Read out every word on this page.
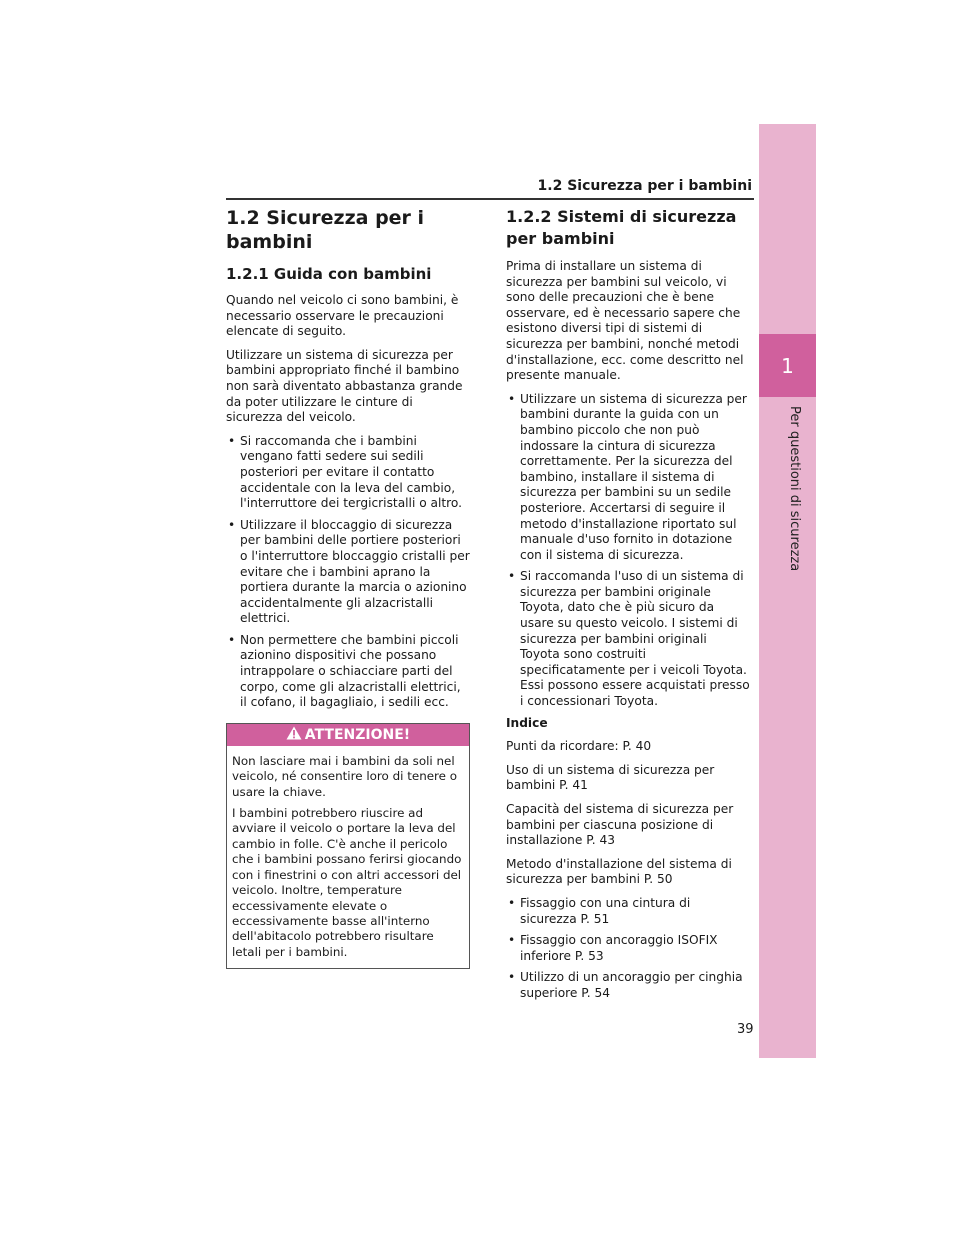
1
Per questioni di sicurezza
1.2 Sicurezza per i bambini
1.2 Sicurezza per i bambini
1.2.1 Guida con bambini

Quando nel veicolo ci sono bambini, è necessario osservare le precauzioni elencate di seguito.

Utilizzare un sistema di sicurezza per bambini appropriato finché il bambino non sarà diventato abbastanza grande da poter utilizzare le cinture di sicurezza del veicolo.

• Si raccomanda che i bambini vengano fatti sedere sui sedili posteriori per evitare il contatto accidentale con la leva del cambio, l'interruttore dei tergicristalli o altro.
• Utilizzare il bloccaggio di sicurezza per bambini delle portiere posteriori o l'interruttore bloccaggio cristalli per evitare che i bambini aprano la portiera durante la marcia o azionino accidentalmente gli alzacristalli elettrici.
• Non permettere che bambini piccoli azionino dispositivi che possano intrappolare o schiacciare parti del corpo, come gli alzacristalli elettrici, il cofano, il bagagliaio, i sedili ecc.
ATTENZIONE!

Non lasciare mai i bambini da soli nel veicolo, né consentire loro di tenere o usare la chiave.

I bambini potrebbero riuscire ad avviare il veicolo o portare la leva del cambio in folle. C'è anche il pericolo che i bambini possano ferirsi giocando con i finestrini o con altri accessori del veicolo. Inoltre, temperature eccessivamente elevate o eccessivamente basse all'interno dell'abitacolo potrebbero risultare letali per i bambini.

1.2.2 Sistemi di sicurezza per bambini

Prima di installare un sistema di sicurezza per bambini sul veicolo, vi sono delle precauzioni che è bene osservare, ed è necessario sapere che esistono diversi tipi di sistemi di sicurezza per bambini, nonché metodi d'installazione, ecc. come descritto nel presente manuale.

• Utilizzare un sistema di sicurezza per bambini durante la guida con un bambino piccolo che non può indossare la cintura di sicurezza correttamente. Per la sicurezza del bambino, installare il sistema di sicurezza per bambini su un sedile posteriore. Accertarsi di seguire il metodo d'installazione riportato sul manuale d'uso fornito in dotazione con il sistema di sicurezza.
• Si raccomanda l'uso di un sistema di sicurezza per bambini originale Toyota, dato che è più sicuro da usare su questo veicolo. I sistemi di sicurezza per bambini originali Toyota sono costruiti specificatamente per i veicoli Toyota. Essi possono essere acquistati presso i concessionari Toyota.

Indice

Punti da ricordare: P. 40

Uso di un sistema di sicurezza per bambini P. 41

Capacità del sistema di sicurezza per bambini per ciascuna posizione di installazione P. 43

Metodo d'installazione del sistema di sicurezza per bambini P. 50

• Fissaggio con una cintura di sicurezza P. 51
• Fissaggio con ancoraggio ISOFIX inferiore P. 53
• Utilizzo di un ancoraggio per cinghia superiore P. 54
39
